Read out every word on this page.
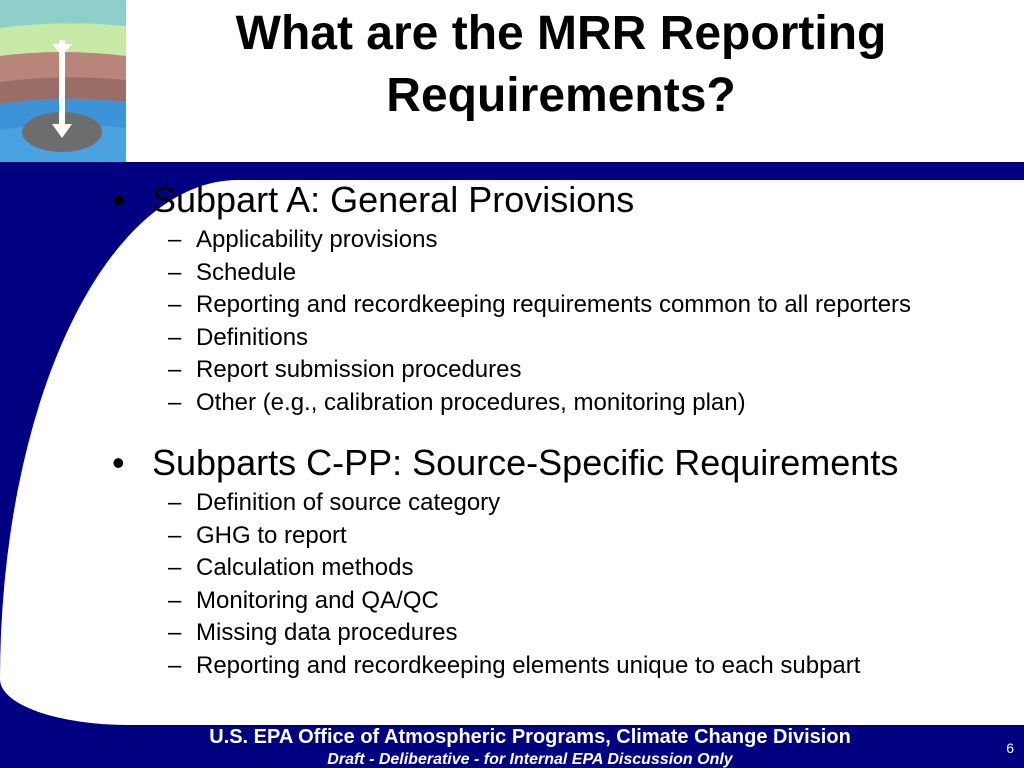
What are the MRR Reporting
Requirements?
• Subpart A: General Provisions
– Applicability provisions
– Schedule
– Reporting and recordkeeping requirements common to all reporters
– Definitions
– Report submission procedures
– Other (e.g., calibration procedures, monitoring plan)
• Subparts C-PP: Source-Specific Requirements
– Definition of source category
– GHG to report
– Calculation methods
– Monitoring and QA/QC
– Missing data procedures
– Reporting and recordkeeping elements unique to each subpart
U.S. EPA Office of Atmospheric Programs, Climate Change Division
Draft - Deliberative - for Internal EPA Discussion Only
6
